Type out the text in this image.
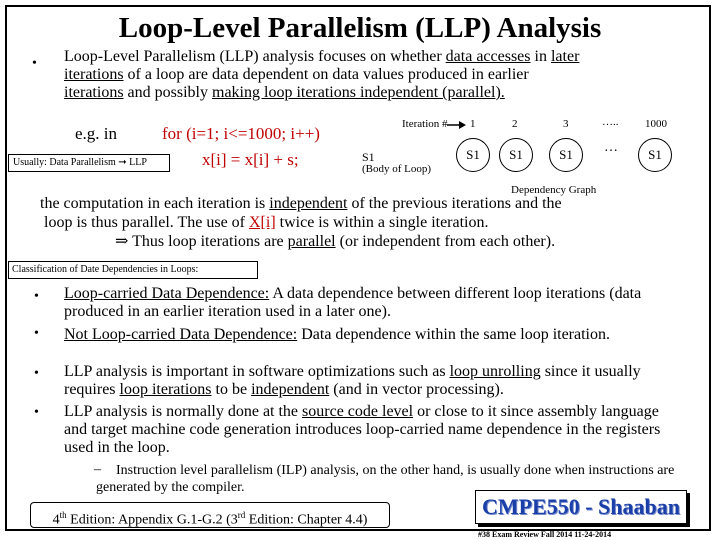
Loop-Level Parallelism (LLP) Analysis
• Loop-Level Parallelism (LLP) analysis focuses on whether data accesses in later
iterations of a loop are data dependent on data values produced in earlier
iterations and possibly making loop iterations independent (parallel).
e.g. in	for (i=1; i<=1000; i++)
x[i] = x[i] + s;
Usually: Data Parallelism ➞ LLP	S1
(Body of Loop)
Iteration # 1	2	3	….. 1000
S1	S1	S1	…	S1
Dependency Graph
the computation in each iteration is independent of the previous iterations and the
loop is thus parallel. The use of X[i] twice is within a single iteration.
⇒ Thus loop iterations are parallel (or independent from each other).
Classification of Date Dependencies in Loops:
• Loop-carried Data Dependence: A data dependence between different loop iterations (data produced in an earlier iteration used in a later one).
• Not Loop-carried Data Dependence: Data dependence within the same loop iteration.
• LLP analysis is important in software optimizations such as loop unrolling since it usually requires loop iterations to be independent (and in vector processing).
• LLP analysis is normally done at the source code level or close to it since assembly language and target machine code generation introduces loop-carried name dependence in the registers used in the loop.
–	Instruction level parallelism (ILP) analysis, on the other hand, is usually done when instructions are generated by the compiler.
4th Edition: Appendix G.1-G.2 (3rd Edition: Chapter 4.4)
CMPE550 - Shaaban
#38 Exam Review Fall 2014 11-24-2014
